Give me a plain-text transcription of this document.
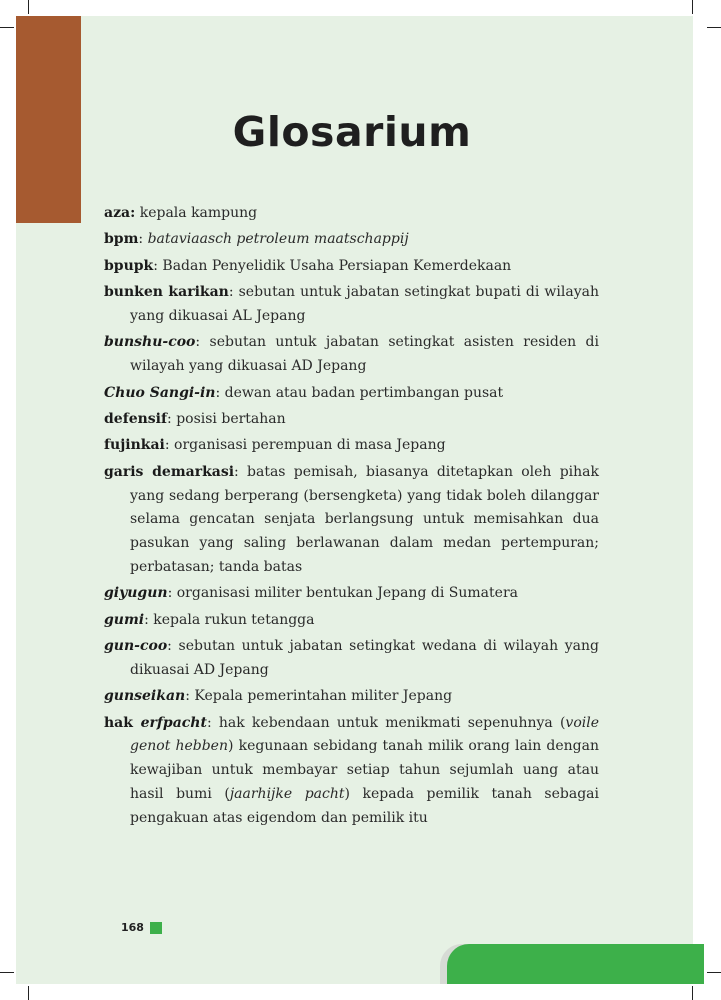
Glosarium

aza: kepala kampung

bpm: bataviaasch petroleum maatschappij

bpupk: Badan Penyelidik Usaha Persiapan Kemerdekaan

bunken karikan: sebutan untuk jabatan setingkat bupati di wilayah yang dikuasai AL Jepang

bunshu-coo: sebutan untuk jabatan setingkat asisten residen di wilayah yang dikuasai AD Jepang

Chuo Sangi-in: dewan atau badan pertimbangan pusat

defensif: posisi bertahan

fujinkai: organisasi perempuan di masa Jepang

garis demarkasi: batas pemisah, biasanya ditetapkan oleh pihak yang sedang berperang (bersengketa) yang tidak boleh dilanggar selama gencatan senjata berlangsung untuk memisahkan dua pasukan yang saling berlawanan dalam medan pertempuran; perbatasan; tanda batas

giyugun: organisasi militer bentukan Jepang di Sumatera

gumi: kepala rukun tetangga

gun-coo: sebutan untuk jabatan setingkat wedana di wilayah yang dikuasai AD Jepang

gunseikan: Kepala pemerintahan militer Jepang

hak erfpacht: hak kebendaan untuk menikmati sepenuhnya (voile genot hebben) kegunaan sebidang tanah milik orang lain dengan kewajiban untuk membayar setiap tahun sejumlah uang atau hasil bumi (jaarhijke pacht) kepada pemilik tanah sebagai pengakuan atas eigendom dan pemilik itu

168
